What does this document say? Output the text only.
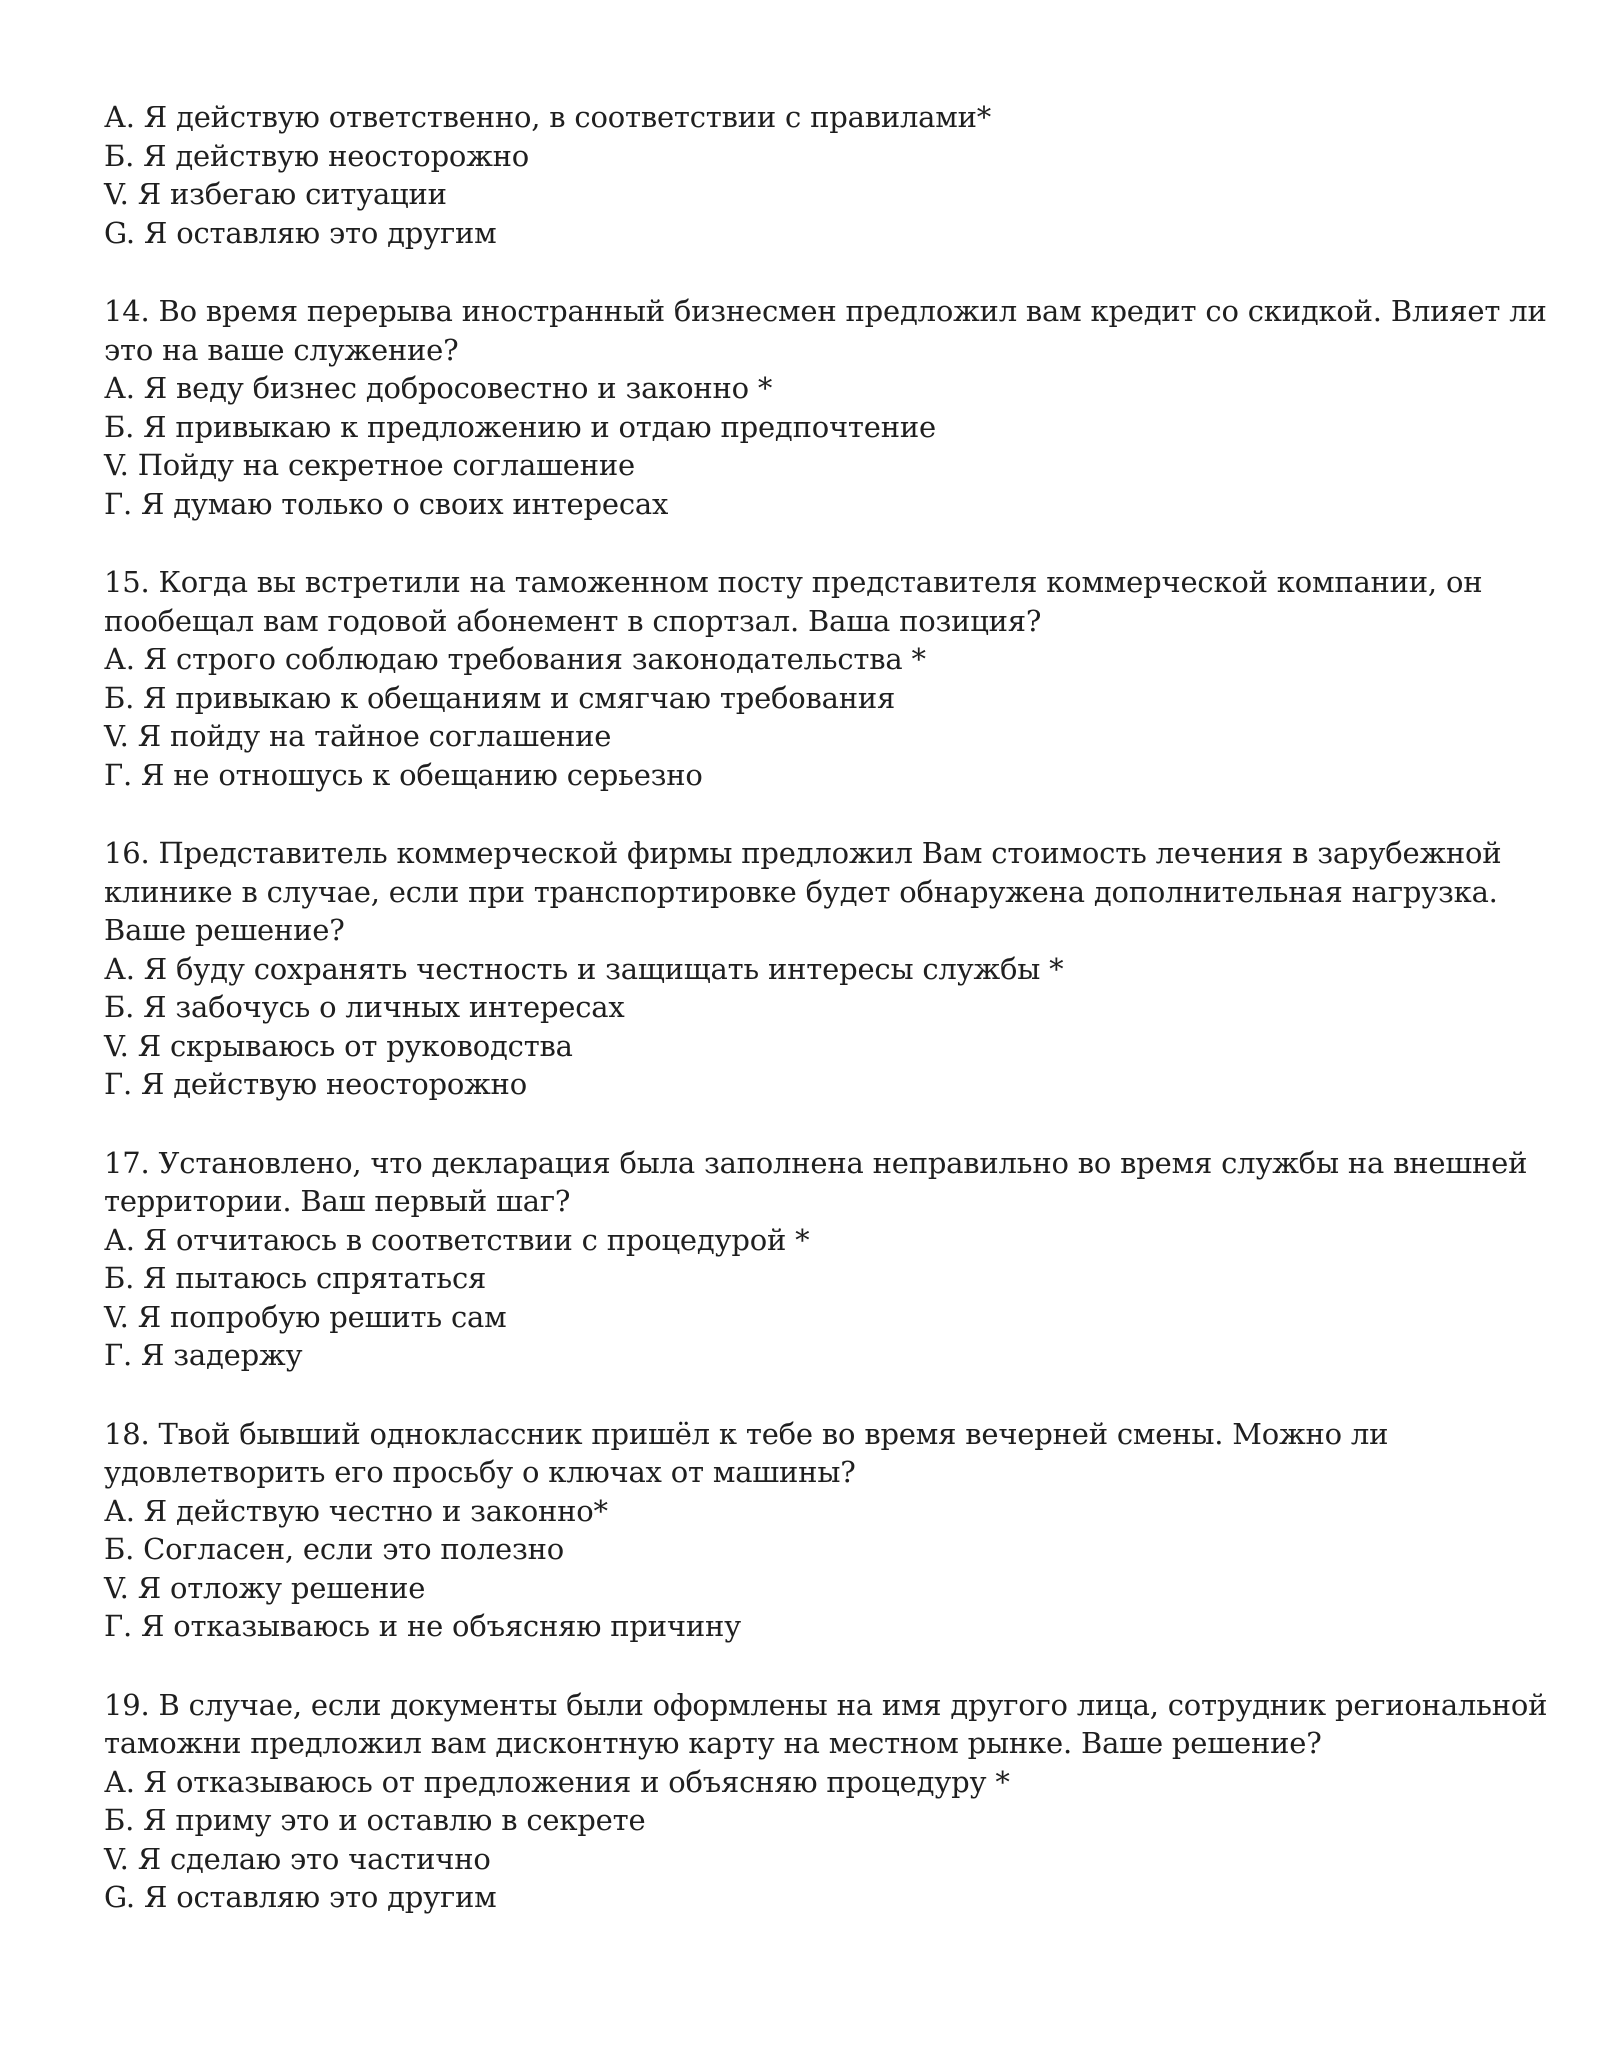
А. Я действую ответственно, в соответствии с правилами*
Б. Я действую неосторожно
V. Я избегаю ситуации
G. Я оставляю это другим
14. Во время перерыва иностранный бизнесмен предложил вам кредит со скидкой. Влияет ли
это на ваше служение?
А. Я веду бизнес добросовестно и законно *
Б. Я привыкаю к предложению и отдаю предпочтение
V. Пойду на секретное соглашение
Г. Я думаю только о своих интересах
15. Когда вы встретили на таможенном посту представителя коммерческой компании, он
пообещал вам годовой абонемент в спортзал. Ваша позиция?
А. Я строго соблюдаю требования законодательства *
Б. Я привыкаю к обещаниям и смягчаю требования
V. Я пойду на тайное соглашение
Г. Я не отношусь к обещанию серьезно
16. Представитель коммерческой фирмы предложил Вам стоимость лечения в зарубежной
клинике в случае, если при транспортировке будет обнаружена дополнительная нагрузка.
Ваше решение?
А. Я буду сохранять честность и защищать интересы службы *
Б. Я забочусь о личных интересах
V. Я скрываюсь от руководства
Г. Я действую неосторожно
17. Установлено, что декларация была заполнена неправильно во время службы на внешней
территории. Ваш первый шаг?
А. Я отчитаюсь в соответствии с процедурой *
Б. Я пытаюсь спрятаться
V. Я попробую решить сам
Г. Я задержу
18. Твой бывший одноклассник пришёл к тебе во время вечерней смены. Можно ли
удовлетворить его просьбу о ключах от машины?
А. Я действую честно и законно*
Б. Согласен, если это полезно
V. Я отложу решение
Г. Я отказываюсь и не объясняю причину
19. В случае, если документы были оформлены на имя другого лица, сотрудник региональной
таможни предложил вам дисконтную карту на местном рынке. Ваше решение?
А. Я отказываюсь от предложения и объясняю процедуру *
Б. Я приму это и оставлю в секрете
V. Я сделаю это частично
G. Я оставляю это другим
